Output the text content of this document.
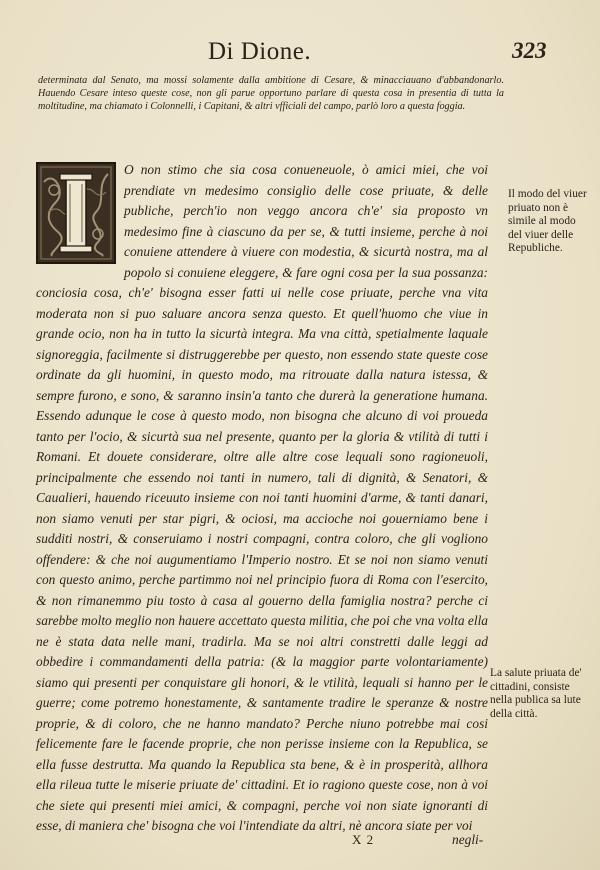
Di Dione.	323
determinata dal Senato, ma mossi solamente dalla ambitione di Cesare, & minacciauano d'abbandonarlo. Hauendo Cesare inteso queste cose, non gli parue opportuno parlare di questa cosa in presentia di tutta la moltitudine, ma chiamato i Colonnelli, i Capitani, & altri vfficiali del campo, parlò loro a questa foggia.
O non stimo che sia cosa conueneuole, ò amici miei, che voi prendiate vn medesimo consiglio delle cose priuate, & delle publiche, perch'io non veggo ancora ch'e' sia proposto vn medesimo fine à ciascuno da per se, & tutti insieme, perche à noi conuiene attendere à viuere con modestia, & sicurtà nostra, ma al popolo si conuiene eleggere, & fare ogni cosa per la sua possanza: conciosia cosa, ch'e' bisogna esser fatti ui nelle cose priuate, perche vna vita moderata non si puo saluare ancora senza questo. Et quell'huomo che viue in grande ocio, non ha in tutto la sicurtà integra. Ma vna città, spetialmente laquale signoreggia, facilmente si distruggerebbe per questo, non essendo state queste cose ordinate da gli huomini, in questo modo, ma ritrouate dalla natura istessa, & sempre furono, e sono, & saranno insin'a tanto che durerà la generatione humana. Essendo adunque le cose à questo modo, non bisogna che alcuno di voi proueda tanto per l'ocio, & sicurtà sua nel presente, quanto per la gloria & vtilità di tutti i Romani. Et douete considerare, oltre alle altre cose lequali sono ragioneuoli, principalmente che essendo noi tanti in numero, tali di dignità, & Senatori, & Caualieri, hauendo riceuuto insieme con noi tanti huomini d'arme, & tanti danari, non siamo venuti per star pigri, & ociosi, ma accioche noi gouerniamo bene i sudditi nostri, & conseruiamo i nostri compagni, contra coloro, che gli vogliono offendere: & che noi augumentiamo l'Imperio nostro. Et se noi non siamo venuti con questo animo, perche partimmo noi nel principio fuora di Roma con l'esercito, & non rimanemmo piu tosto à casa al gouerno della famiglia nostra? perche ci sarebbe molto meglio non hauere accettato questa militia, che poi che vna volta ella ne è stata data nelle mani, tradirla. Ma se noi altri constretti dalle leggi ad obbedire i commandamenti della patria: (& la maggior parte volontariamente) siamo qui presenti per conquistare gli honori, & le vtilità, lequali si hanno per le guerre; come potremo honestamente, & santamente tradire le speranze & nostre proprie, & di coloro, che ne hanno mandato? Perche niuno potrebbe mai cosi felicemente fare le facende proprie, che non perisse insieme con la Republica, se ella fusse destrutta. Ma quando la Republica sta bene, & è in prosperità, allhora ella rileua tutte le miserie priuate de' cittadini. Et io ragiono queste cose, non à voi che siete qui presenti miei amici, & compagni, perche voi non siate ignoranti di esse, di maniera che' bisogna che voi l'intendiate da altri, nè ancora siate per voi
Il modo del viuer priuato non è simile al modo del viuer delle Republiche.
La salute priuata de' cittadini, consiste nella publica sa lute della città.
X 2	negli-
